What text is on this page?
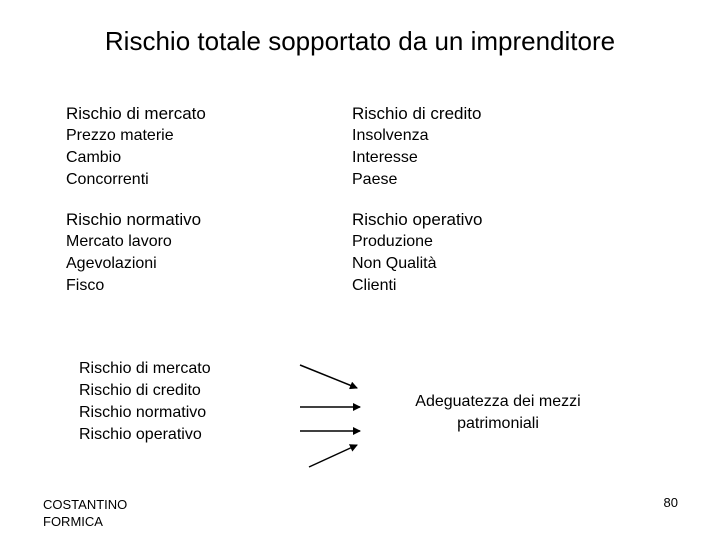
Rischio totale sopportato da un imprenditore
Rischio di mercato
Prezzo materie
Cambio
Concorrenti
Rischio di credito
Insolvenza
Interesse
Paese
Rischio normativo
Mercato lavoro
Agevolazioni
Fisco
Rischio operativo
Produzione
Non Qualità
Clienti
Rischio di mercato
Rischio di credito
Rischio normativo
Rischio operativo
Adeguatezza dei mezzi
patrimoniali
COSTANTINO
FORMICA
80
